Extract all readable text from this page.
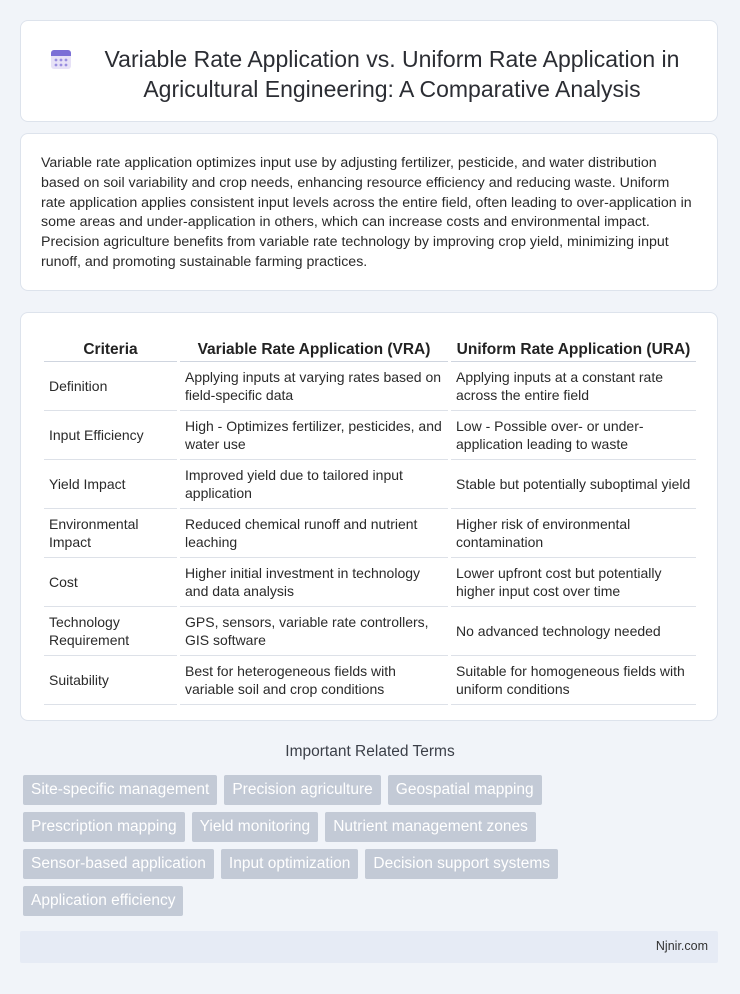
Variable Rate Application vs. Uniform Rate Application in Agricultural Engineering: A Comparative Analysis
Variable rate application optimizes input use by adjusting fertilizer, pesticide, and water distribution based on soil variability and crop needs, enhancing resource efficiency and reducing waste. Uniform rate application applies consistent input levels across the entire field, often leading to over-application in some areas and under-application in others, which can increase costs and environmental impact. Precision agriculture benefits from variable rate technology by improving crop yield, minimizing input runoff, and promoting sustainable farming practices.
Criteria	Variable Rate Application (VRA)	Uniform Rate Application (URA)
Definition	Applying inputs at varying rates based on field-specific data	Applying inputs at a constant rate across the entire field
Input Efficiency	High - Optimizes fertilizer, pesticides, and water use	Low - Possible over- or under-application leading to waste
Yield Impact	Improved yield due to tailored input application	Stable but potentially suboptimal yield
Environmental Impact	Reduced chemical runoff and nutrient leaching	Higher risk of environmental contamination
Cost	Higher initial investment in technology and data analysis	Lower upfront cost but potentially higher input cost over time
Technology Requirement	GPS, sensors, variable rate controllers, GIS software	No advanced technology needed
Suitability	Best for heterogeneous fields with variable soil and crop conditions	Suitable for homogeneous fields with uniform conditions
Important Related Terms
Site-specific management	Precision agriculture	Geospatial mapping
Prescription mapping	Yield monitoring	Nutrient management zones
Sensor-based application	Input optimization	Decision support systems
Application efficiency
Njnir.com
